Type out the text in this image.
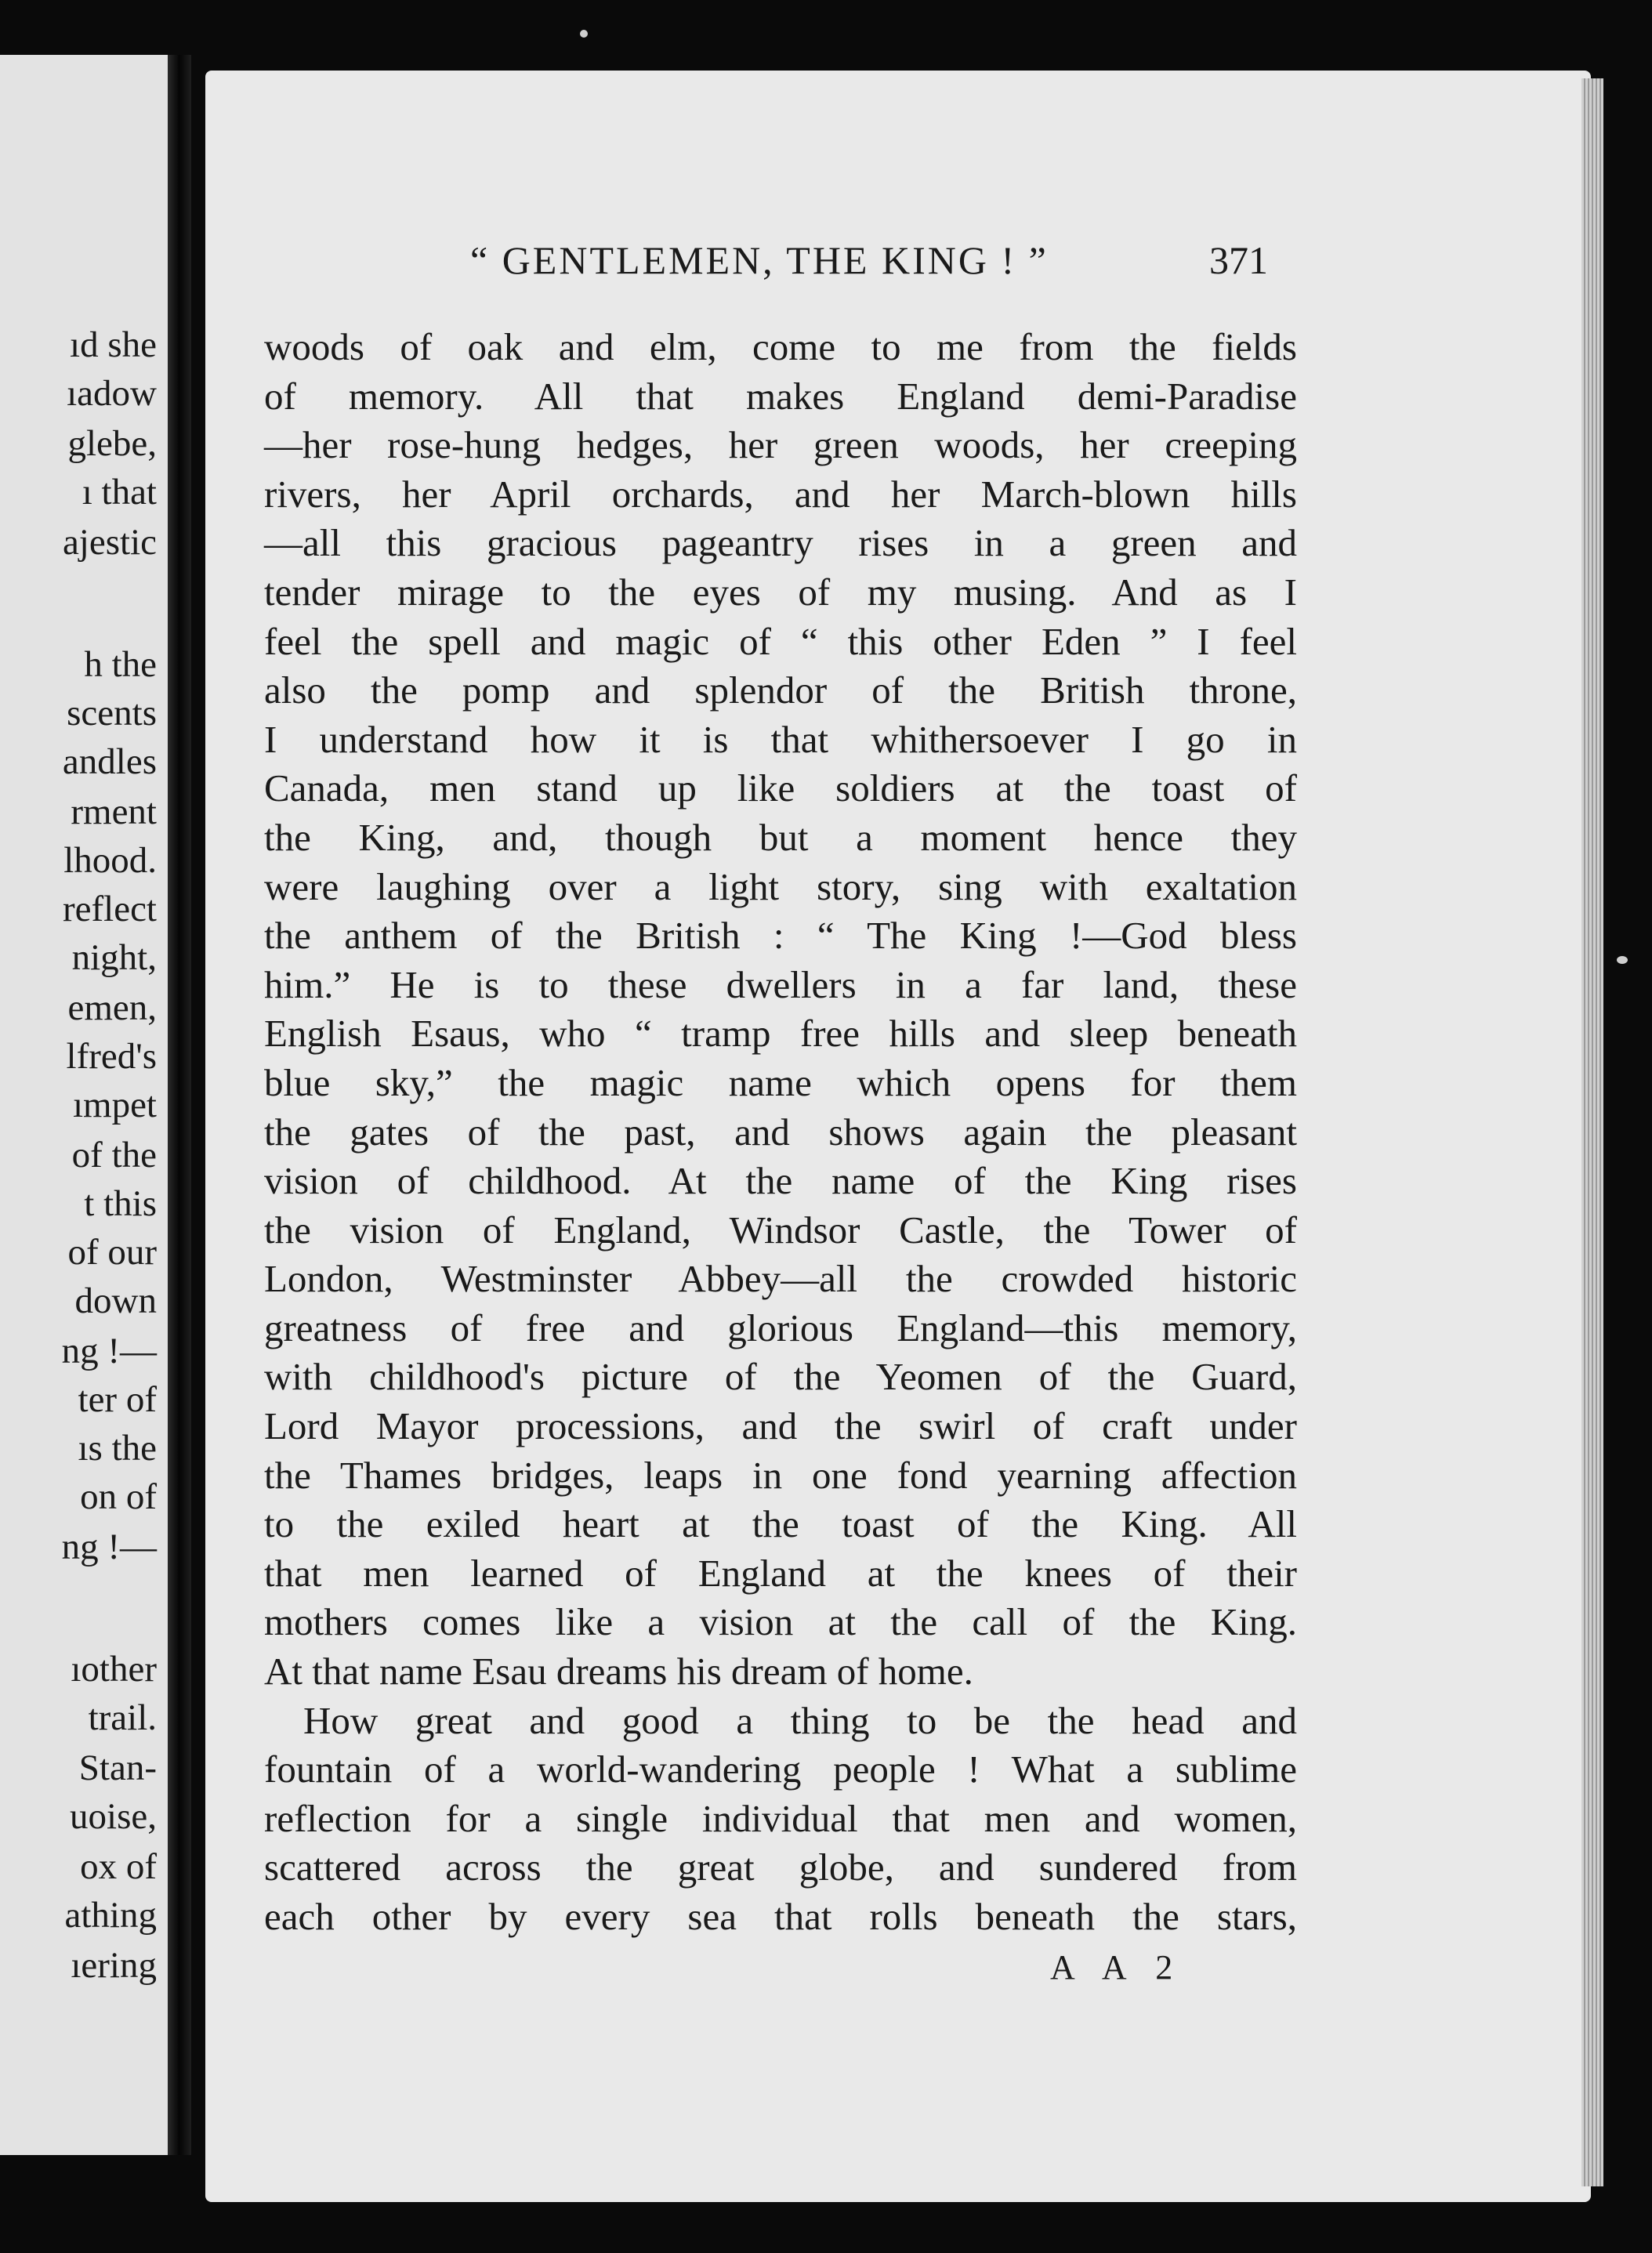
ıd she
ıadow
glebe,
ı that
ajestic
h the
scents
andles
rment
lhood.
reflect
night,
emen,
lfred's
ımpet
of the
t this
of our
down
ng !—
ter of
ıs the
on of
ng !—
ıother
trail.
Stan-
uoise,
ox of
athing
ıering
“ GENTLEMEN, THE KING ! ”	371
woods of oak and elm, come to me from the fields
of memory. All that makes England demi-Paradise
—her rose-hung hedges, her green woods, her creeping
rivers, her April orchards, and her March-blown hills
—all this gracious pageantry rises in a green and
tender mirage to the eyes of my musing. And as I
feel the spell and magic of “ this other Eden ” I feel
also the pomp and splendor of the British throne,
I understand how it is that whithersoever I go in
Canada, men stand up like soldiers at the toast of
the King, and, though but a moment hence they
were laughing over a light story, sing with exaltation
the anthem of the British : “ The King !—God bless
him.” He is to these dwellers in a far land, these
English Esaus, who “ tramp free hills and sleep beneath
blue sky,” the magic name which opens for them
the gates of the past, and shows again the pleasant
vision of childhood. At the name of the King rises
the vision of England, Windsor Castle, the Tower of
London, Westminster Abbey—all the crowded historic
greatness of free and glorious England—this memory,
with childhood's picture of the Yeomen of the Guard,
Lord Mayor processions, and the swirl of craft under
the Thames bridges, leaps in one fond yearning affection
to the exiled heart at the toast of the King. All
that men learned of England at the knees of their
mothers comes like a vision at the call of the King.
At that name Esau dreams his dream of home.
How great and good a thing to be the head and
fountain of a world-wandering people ! What a sublime
reflection for a single individual that men and women,
scattered across the great globe, and sundered from
each other by every sea that rolls beneath the stars,
A A 2
